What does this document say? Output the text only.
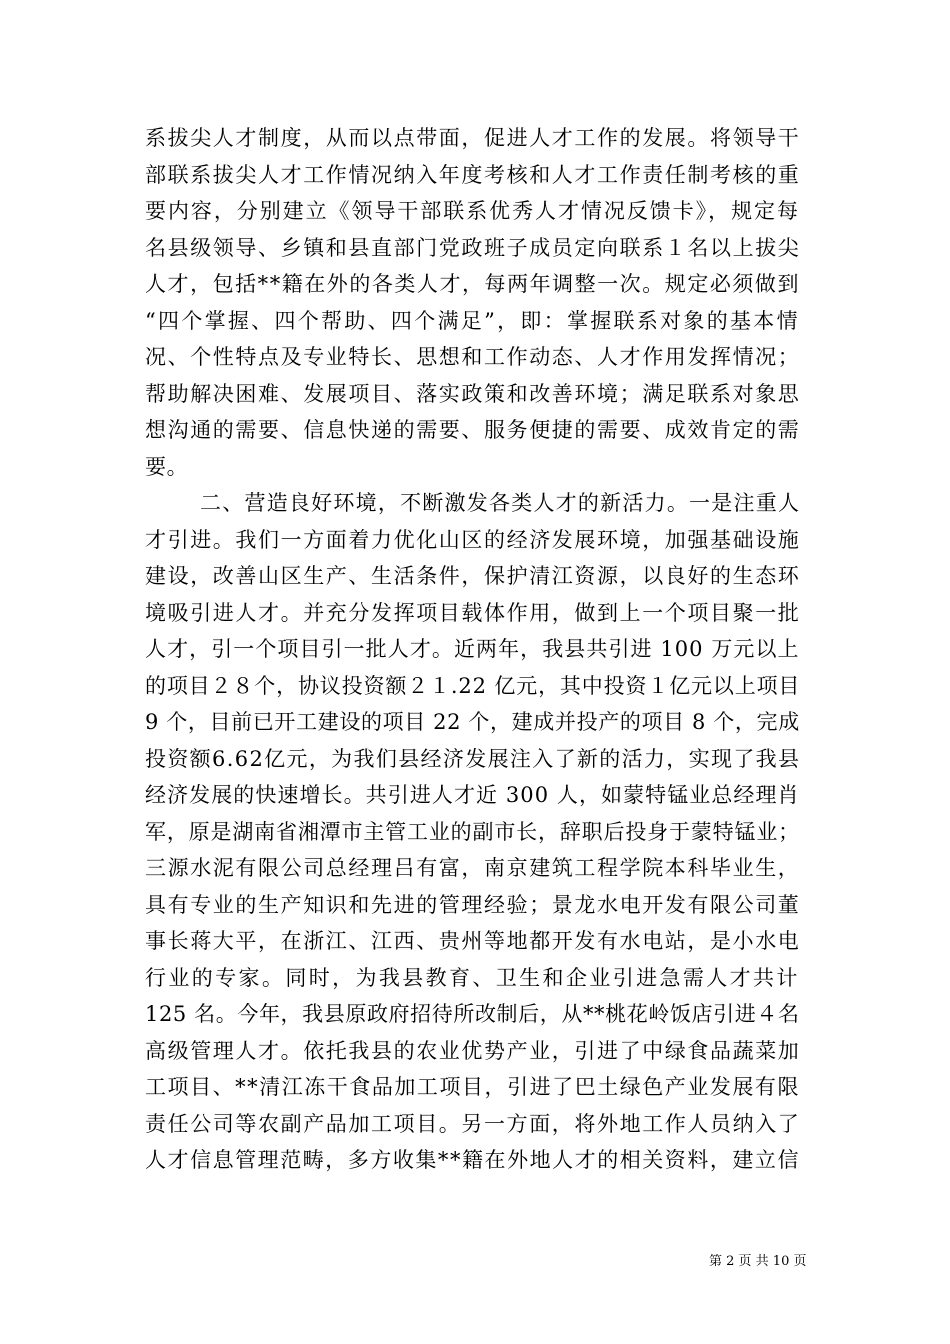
系拔尖人才制度，从而以点带面，促进人才工作的发展。将领导干
部联系拔尖人才工作情况纳入年度考核和人才工作责任制考核的重
要内容，分别建立《领导干部联系优秀人才情况反馈卡》，规定每
名县级领导、乡镇和县直部门党政班子成员定向联系１名以上拔尖
人才，包括**籍在外的各类人才，每两年调整一次。规定必须做到
“四个掌握、四个帮助、四个满足”，即：掌握联系对象的基本情
况、个性特点及专业特长、思想和工作动态、人才作用发挥情况；
帮助解决困难、发展项目、落实政策和改善环境；满足联系对象思
想沟通的需要、信息快递的需要、服务便捷的需要、成效肯定的需
要。
二、营造良好环境，不断激发各类人才的新活力。一是注重人
才引进。我们一方面着力优化山区的经济发展环境，加强基础设施
建设，改善山区生产、生活条件，保护清江资源，以良好的生态环
境吸引进人才。并充分发挥项目载体作用，做到上一个项目聚一批
人才，引一个项目引一批人才。近两年，我县共引进 100 万元以上
的项目２８个，协议投资额２１.22 亿元，其中投资１亿元以上项目
9 个，目前已开工建设的项目 22 个，建成并投产的项目 8 个，完成
投资额6.62亿元，为我们县经济发展注入了新的活力，实现了我县
经济发展的快速增长。共引进人才近 300 人，如蒙特锰业总经理肖
军，原是湖南省湘潭市主管工业的副市长，辞职后投身于蒙特锰业；
三源水泥有限公司总经理吕有富，南京建筑工程学院本科毕业生，
具有专业的生产知识和先进的管理经验；景龙水电开发有限公司董
事长蒋大平，在浙江、江西、贵州等地都开发有水电站，是小水电
行业的专家。同时，为我县教育、卫生和企业引进急需人才共计
125 名。今年，我县原政府招待所改制后，从**桃花岭饭店引进４名
高级管理人才。依托我县的农业优势产业，引进了中绿食品蔬菜加
工项目、**清江冻干食品加工项目，引进了巴土绿色产业发展有限
责任公司等农副产品加工项目。另一方面，将外地工作人员纳入了
人才信息管理范畴，多方收集**籍在外地人才的相关资料，建立信
第 2 页 共 10 页
